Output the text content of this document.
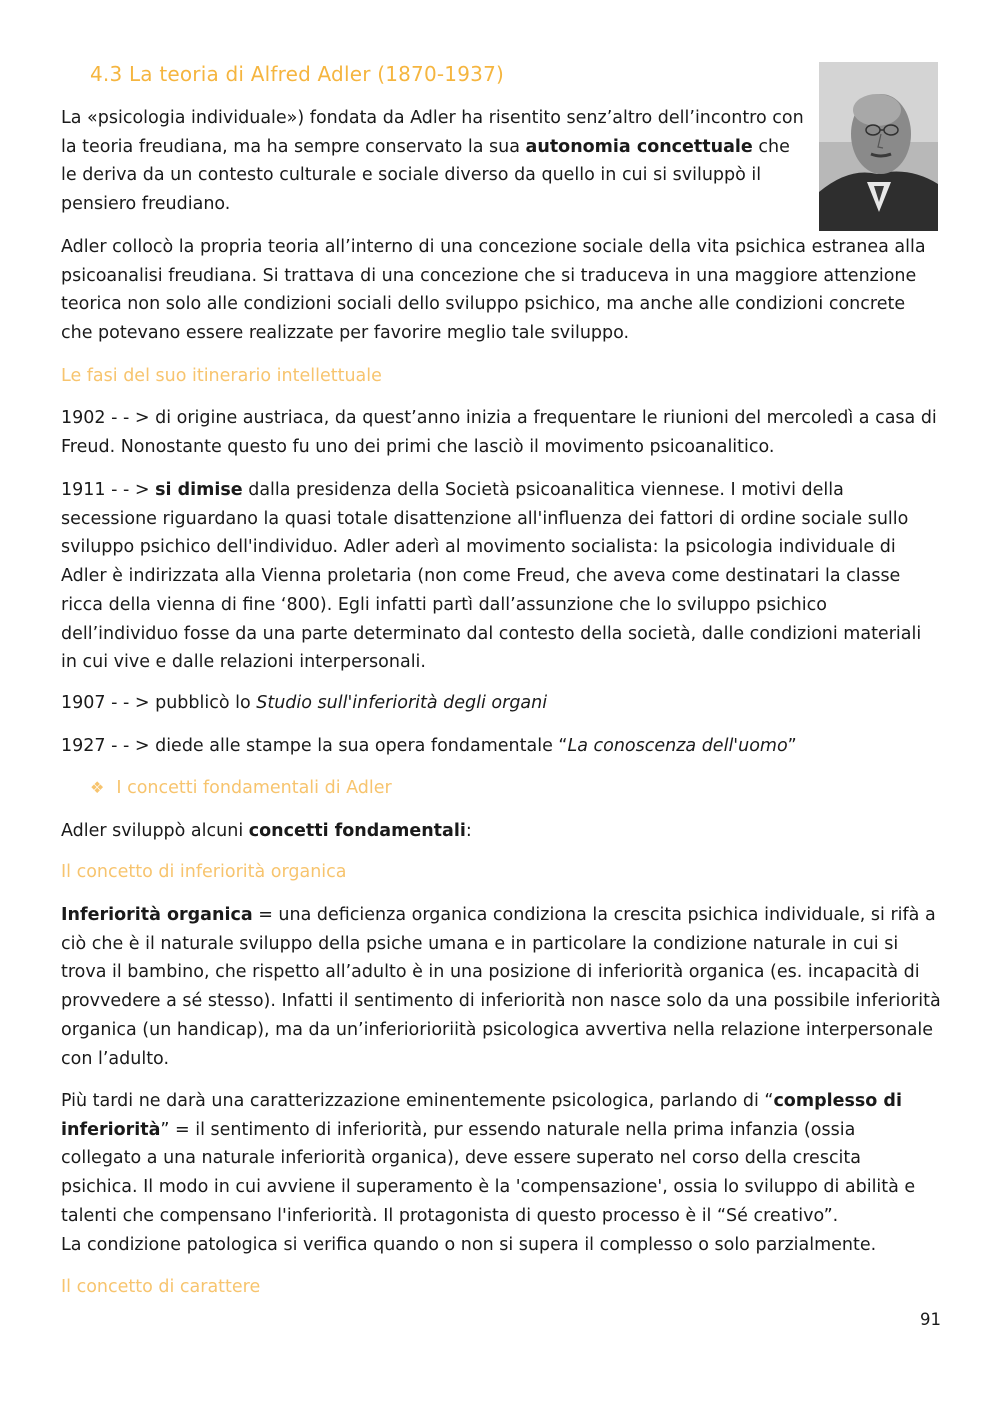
4.3 La teoria di Alfred Adler (1870-1937)

La «psicologia individuale») fondata da Adler ha risentito senz’altro dell’incontro con la teoria freudiana, ma ha sempre conservato la sua autonomia concettuale che le deriva da un contesto culturale e sociale diverso da quello in cui si sviluppò il pensiero freudiano.

Adler collocò la propria teoria all’interno di una concezione sociale della vita psichica estranea alla psicoanalisi freudiana. Si trattava di una concezione che si traduceva in una maggiore attenzione teorica non solo alle condizioni sociali dello sviluppo psichico, ma anche alle condizioni concrete che potevano essere realizzate per favorire meglio tale sviluppo.

Le fasi del suo itinerario intellettuale

1902 - - > di origine austriaca, da quest’anno inizia a frequentare le riunioni del mercoledì a casa di Freud. Nonostante questo fu uno dei primi che lasciò il movimento psicoanalitico.

1911 - - > si dimise dalla presidenza della Società psicoanalitica viennese. I motivi della secessione riguardano la quasi totale disattenzione all'influenza dei fattori di ordine sociale sullo sviluppo psichico dell'individuo. Adler aderì al movimento socialista: la psicologia individuale di Adler è indirizzata alla Vienna proletaria (non come Freud, che aveva come destinatari la classe ricca della vienna di fine ‘800). Egli infatti partì dall’assunzione che lo sviluppo psichico dell’individuo fosse da una parte determinato dal contesto della società, dalle condizioni materiali in cui vive e dalle relazioni interpersonali.

1907 - - > pubblicò lo Studio sull'inferiorità degli organi

1927 - - > diede alle stampe la sua opera fondamentale “La conoscenza dell'uomo”

❖ I concetti fondamentali di Adler

Adler sviluppò alcuni concetti fondamentali:

Il concetto di inferiorità organica

Inferiorità organica = una deficienza organica condiziona la crescita psichica individuale, si rifà a ciò che è il naturale sviluppo della psiche umana e in particolare la condizione naturale in cui si trova il bambino, che rispetto all’adulto è in una posizione di inferiorità organica (es. incapacità di provvedere a sé stesso). Infatti il sentimento di inferiorità non nasce solo da una possibile inferiorità organica (un handicap), ma da un’inferiorioriità psicologica avvertiva nella relazione interpersonale con l’adulto.

Più tardi ne darà una caratterizzazione eminentemente psicologica, parlando di “complesso di inferiorità” = il sentimento di inferiorità, pur essendo naturale nella prima infanzia (ossia collegato a una naturale inferiorità organica), deve essere superato nel corso della crescita psichica. Il modo in cui avviene il superamento è la 'compensazione', ossia lo sviluppo di abilità e talenti che compensano l'inferiorità. Il protagonista di questo processo è il “Sé creativo”.
La condizione patologica si verifica quando o non si supera il complesso o solo parzialmente.

Il concetto di carattere

91
